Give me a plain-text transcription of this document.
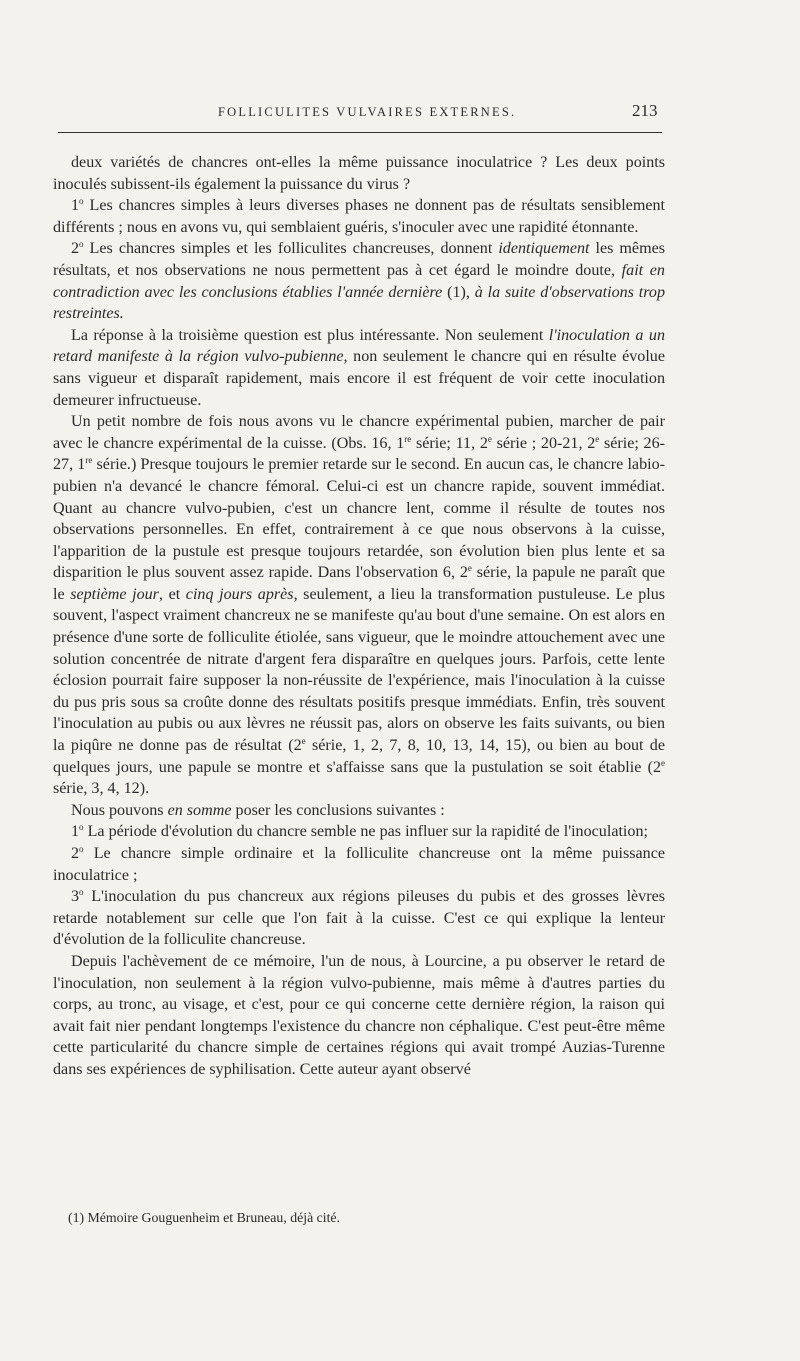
FOLLICULITES VULVAIRES EXTERNES.	213

deux variétés de chancres ont-elles la même puissance inoculatrice ? Les deux points inoculés subissent-ils également la puissance du virus ?

1$^o$ Les chancres simples à leurs diverses phases ne donnent pas de résultats sensiblement différents ; nous en avons vu, qui semblaient guéris, s'inoculer avec une rapidité étonnante.

2$^o$ Les chancres simples et les folliculites chancreuses, donnent identiquement les mêmes résultats, et nos observations ne nous permettent pas à cet égard le moindre doute, fait en contradiction avec les conclusions établies l'année dernière (1), à la suite d'observations trop restreintes.

La réponse à la troisième question est plus intéressante. Non seulement l'inoculation a un retard manifeste à la région vulvo-pubienne, non seulement le chancre qui en résulte évolue sans vigueur et disparaît rapidement, mais encore il est fréquent de voir cette inoculation demeurer infructueuse.

Un petit nombre de fois nous avons vu le chancre expérimental pubien, marcher de pair avec le chancre expérimental de la cuisse. (Obs. 16, 1re série; 11, 2e série ; 20-21, 2e série; 26-27, 1re série.) Presque toujours le premier retarde sur le second. En aucun cas, le chancre labio-pubien n'a devancé le chancre fémoral. Celui-ci est un chancre rapide, souvent immédiat. Quant au chancre vulvo-pubien, c'est un chancre lent, comme il résulte de toutes nos observations personnelles. En effet, contrairement à ce que nous observons à la cuisse, l'apparition de la pustule est presque toujours retardée, son évolution bien plus lente et sa disparition le plus souvent assez rapide. Dans l'observation 6, 2e série, la papule ne paraît que le septième jour, et cinq jours après, seulement, a lieu la transformation pustuleuse. Le plus souvent, l'aspect vraiment chancreux ne se manifeste qu'au bout d'une semaine. On est alors en présence d'une sorte de folliculite étiolée, sans vigueur, que le moindre attouchement avec une solution concentrée de nitrate d'argent fera disparaître en quelques jours. Parfois, cette lente éclosion pourrait faire supposer la non-réussite de l'expérience, mais l'inoculation à la cuisse du pus pris sous sa croûte donne des résultats positifs presque immédiats. Enfin, très souvent l'inoculation au pubis ou aux lèvres ne réussit pas, alors on observe les faits suivants, ou bien la piqûre ne donne pas de résultat (2e série, 1, 2, 7, 8, 10, 13, 14, 15), ou bien au bout de quelques jours, une papule se montre et s'affaisse sans que la pustulation se soit établie (2e série, 3, 4, 12).

Nous pouvons en somme poser les conclusions suivantes :

1$^o$ La période d'évolution du chancre semble ne pas influer sur la rapidité de l'inoculation;

2$^o$ Le chancre simple ordinaire et la folliculite chancreuse ont la même puissance inoculatrice ;

3$^o$ L'inoculation du pus chancreux aux régions pileuses du pubis et des grosses lèvres retarde notablement sur celle que l'on fait à la cuisse. C'est ce qui explique la lenteur d'évolution de la folliculite chancreuse.

Depuis l'achèvement de ce mémoire, l'un de nous, à Lourcine, a pu observer le retard de l'inoculation, non seulement à la région vulvo-pubienne, mais même à d'autres parties du corps, au tronc, au visage, et c'est, pour ce qui concerne cette dernière région, la raison qui avait fait nier pendant longtemps l'existence du chancre non céphalique. C'est peut-être même cette particularité du chancre simple de certaines régions qui avait trompé Auzias-Turenne dans ses expériences de syphilisation. Cette auteur ayant observé

(1) Mémoire Gouguenheim et Bruneau, déjà cité.
